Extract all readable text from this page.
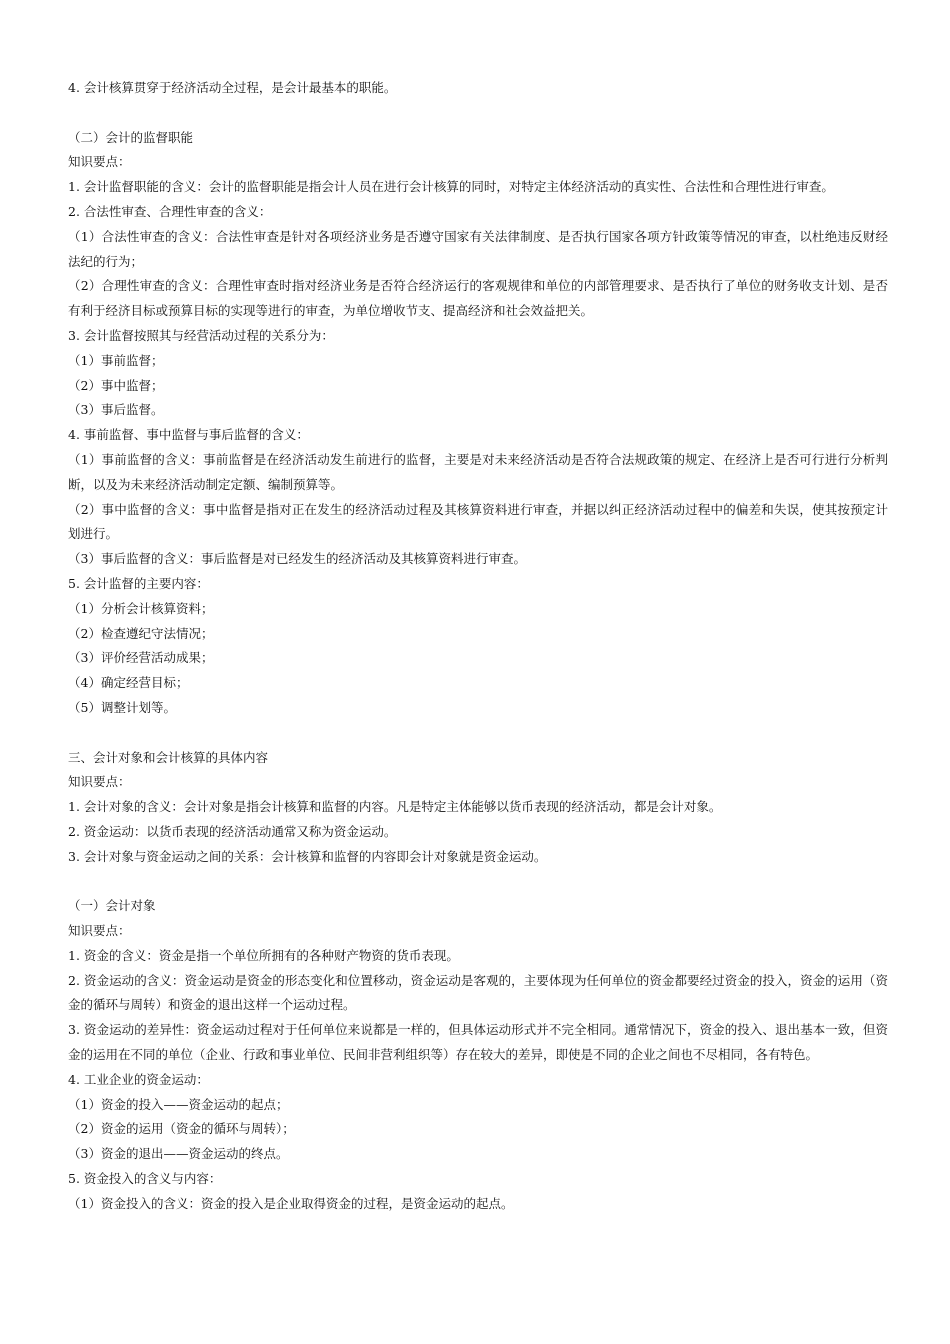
4. 会计核算贯穿于经济活动全过程，是会计最基本的职能。

（二）会计的监督职能

知识要点：

1. 会计监督职能的含义：会计的监督职能是指会计人员在进行会计核算的同时，对特定主体经济活动的真实性、合法性和合理性进行审查。

2. 合法性审查、合理性审查的含义：

（1）合法性审查的含义：合法性审查是针对各项经济业务是否遵守国家有关法律制度、是否执行国家各项方针政策等情况的审查，以杜绝违反财经法纪的行为；

（2）合理性审查的含义：合理性审查时指对经济业务是否符合经济运行的客观规律和单位的内部管理要求、是否执行了单位的财务收支计划、是否有利于经济目标或预算目标的实现等进行的审查，为单位增收节支、提高经济和社会效益把关。

3. 会计监督按照其与经营活动过程的关系分为：

（1）事前监督；

（2）事中监督；

（3）事后监督。

4. 事前监督、事中监督与事后监督的含义：

（1）事前监督的含义：事前监督是在经济活动发生前进行的监督，主要是对未来经济活动是否符合法规政策的规定、在经济上是否可行进行分析判断，以及为未来经济活动制定定额、编制预算等。

（2）事中监督的含义：事中监督是指对正在发生的经济活动过程及其核算资料进行审查，并据以纠正经济活动过程中的偏差和失误，使其按预定计划进行。

（3）事后监督的含义：事后监督是对已经发生的经济活动及其核算资料进行审查。

5. 会计监督的主要内容：

（1）分析会计核算资料；

（2）检查遵纪守法情况；

（3）评价经营活动成果；

（4）确定经营目标；

（5）调整计划等。

三、会计对象和会计核算的具体内容

知识要点：

1. 会计对象的含义：会计对象是指会计核算和监督的内容。凡是特定主体能够以货币表现的经济活动，都是会计对象。

2. 资金运动：以货币表现的经济活动通常又称为资金运动。

3. 会计对象与资金运动之间的关系：会计核算和监督的内容即会计对象就是资金运动。

（一）会计对象

知识要点：

1. 资金的含义：资金是指一个单位所拥有的各种财产物资的货币表现。

2. 资金运动的含义：资金运动是资金的形态变化和位置移动，资金运动是客观的，主要体现为任何单位的资金都要经过资金的投入，资金的运用（资金的循环与周转）和资金的退出这样一个运动过程。

3. 资金运动的差异性：资金运动过程对于任何单位来说都是一样的，但具体运动形式并不完全相同。通常情况下，资金的投入、退出基本一致，但资金的运用在不同的单位（企业、行政和事业单位、民间非营利组织等）存在较大的差异，即使是不同的企业之间也不尽相同，各有特色。

4. 工业企业的资金运动：

（1）资金的投入——资金运动的起点；

（2）资金的运用（资金的循环与周转）；

（3）资金的退出——资金运动的终点。

5. 资金投入的含义与内容：

（1）资金投入的含义：资金的投入是企业取得资金的过程，是资金运动的起点。
